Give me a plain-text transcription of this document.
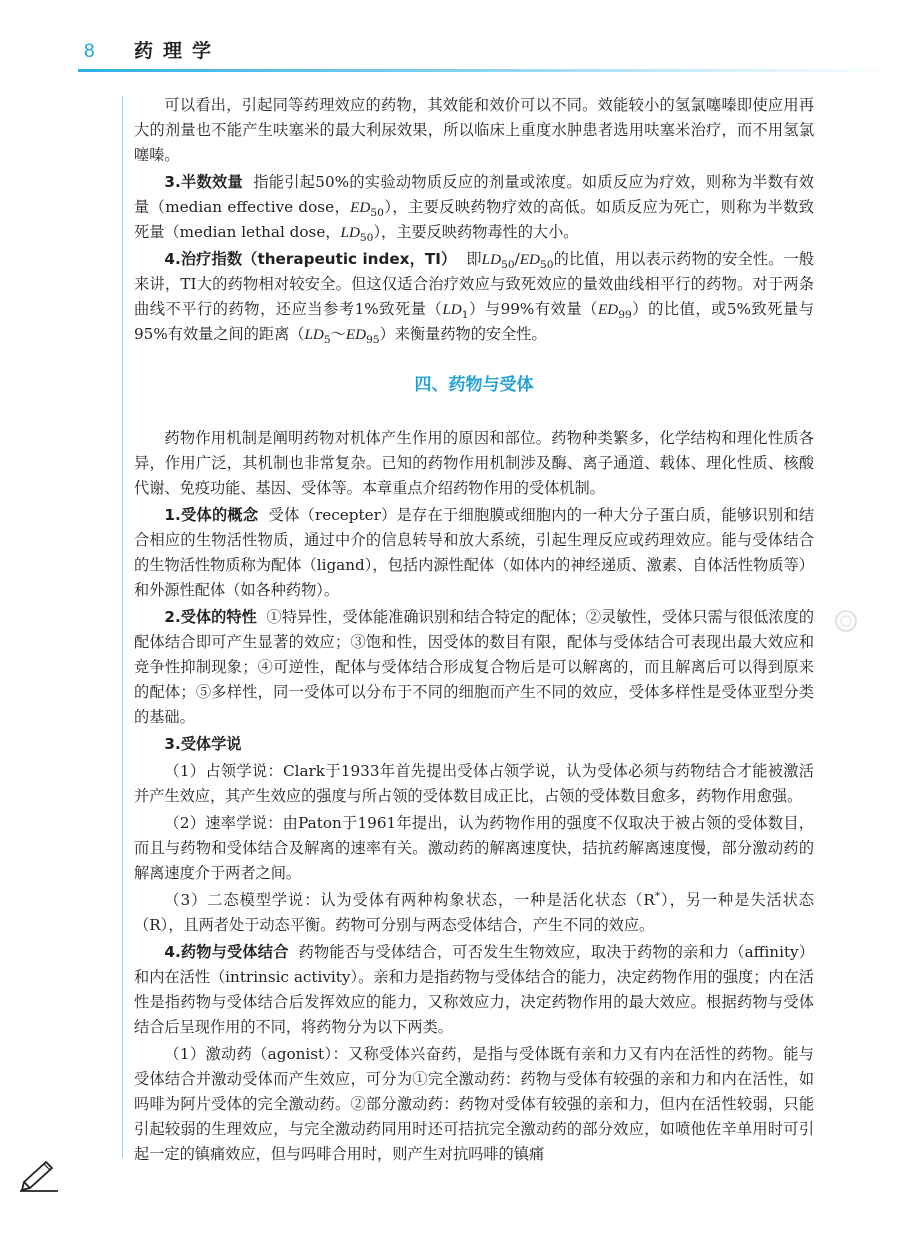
8 药理学

可以看出，引起同等药理效应的药物，其效能和效价可以不同。效能较小的氢氯噻嗪即使应用再大的剂量也不能产生呋塞米的最大利尿效果，所以临床上重度水肿患者选用呋塞米治疗，而不用氢氯噻嗪。

3.半数效量 指能引起50%的实验动物质反应的剂量或浓度。如质反应为疗效，则称为半数有效量（median effective dose，$ED_{50}$），主要反映药物疗效的高低。如质反应为死亡，则称为半数致死量（median lethal dose，$LD_{50}$），主要反映药物毒性的大小。

4.治疗指数（therapeutic index，TI） 即$LD_{50}/ED_{50}$的比值，用以表示药物的安全性。一般来讲，TI大的药物相对较安全。但这仅适合治疗效应与致死效应的量效曲线相平行的药物。对于两条曲线不平行的药物，还应当参考1%致死量$(LD_1)$与99%有效量$(ED_{99})$的比值，或5%致死量与95%有效量之间的距离$(LD_5\sim ED_{95})$来衡量药物的安全性。

四、药物与受体

药物作用机制是阐明药物对机体产生作用的原因和部位。药物种类繁多，化学结构和理化性质各异，作用广泛，其机制也非常复杂。已知的药物作用机制涉及酶、离子通道、载体、理化性质、核酸代谢、免疫功能、基因、受体等。本章重点介绍药物作用的受体机制。

1.受体的概念 受体（recepter）是存在于细胞膜或细胞内的一种大分子蛋白质，能够识别和结合相应的生物活性物质，通过中介的信息转导和放大系统，引起生理反应或药理效应。能与受体结合的生物活性物质称为配体（ligand），包括内源性配体（如体内的神经递质、激素、自体活性物质等）和外源性配体（如各种药物）。

2.受体的特性 ①特异性，受体能准确识别和结合特定的配体；②灵敏性，受体只需与很低浓度的配体结合即可产生显著的效应；③饱和性，因受体的数目有限，配体与受体结合可表现出最大效应和竞争性抑制现象；④可逆性，配体与受体结合形成复合物后是可以解离的，而且解离后可以得到原来的配体；⑤多样性，同一受体可以分布于不同的细胞而产生不同的效应，受体多样性是受体亚型分类的基础。

3.受体学说

（1）占领学说：Clark于1933年首先提出受体占领学说，认为受体必须与药物结合才能被激活并产生效应，其产生效应的强度与所占领的受体数目成正比，占领的受体数目愈多，药物作用愈强。

（2）速率学说：由Paton于1961年提出，认为药物作用的强度不仅取决于被占领的受体数目，而且与药物和受体结合及解离的速率有关。激动药的解离速度快，拮抗药解离速度慢，部分激动药的解离速度介于两者之间。

（3）二态模型学说：认为受体有两种构象状态，一种是活化状态（R*），另一种是失活状态（R），且两者处于动态平衡。药物可分别与两态受体结合，产生不同的效应。

4.药物与受体结合 药物能否与受体结合，可否发生生物效应，取决于药物的亲和力（affinity）和内在活性（intrinsic activity）。亲和力是指药物与受体结合的能力，决定药物作用的强度；内在活性是指药物与受体结合后发挥效应的能力，又称效应力，决定药物作用的最大效应。根据药物与受体结合后呈现作用的不同，将药物分为以下两类。

（1）激动药（agonist）：又称受体兴奋药，是指与受体既有亲和力又有内在活性的药物。能与受体结合并激动受体而产生效应，可分为①完全激动药：药物与受体有较强的亲和力和内在活性，如吗啡为阿片受体的完全激动药。②部分激动药：药物对受体有较强的亲和力，但内在活性较弱，只能引起较弱的生理效应，与完全激动药同用时还可拮抗完全激动药的部分效应，如喷他佐辛单用时可引起一定的镇痛效应，但与吗啡合用时，则产生对抗吗啡的镇痛
